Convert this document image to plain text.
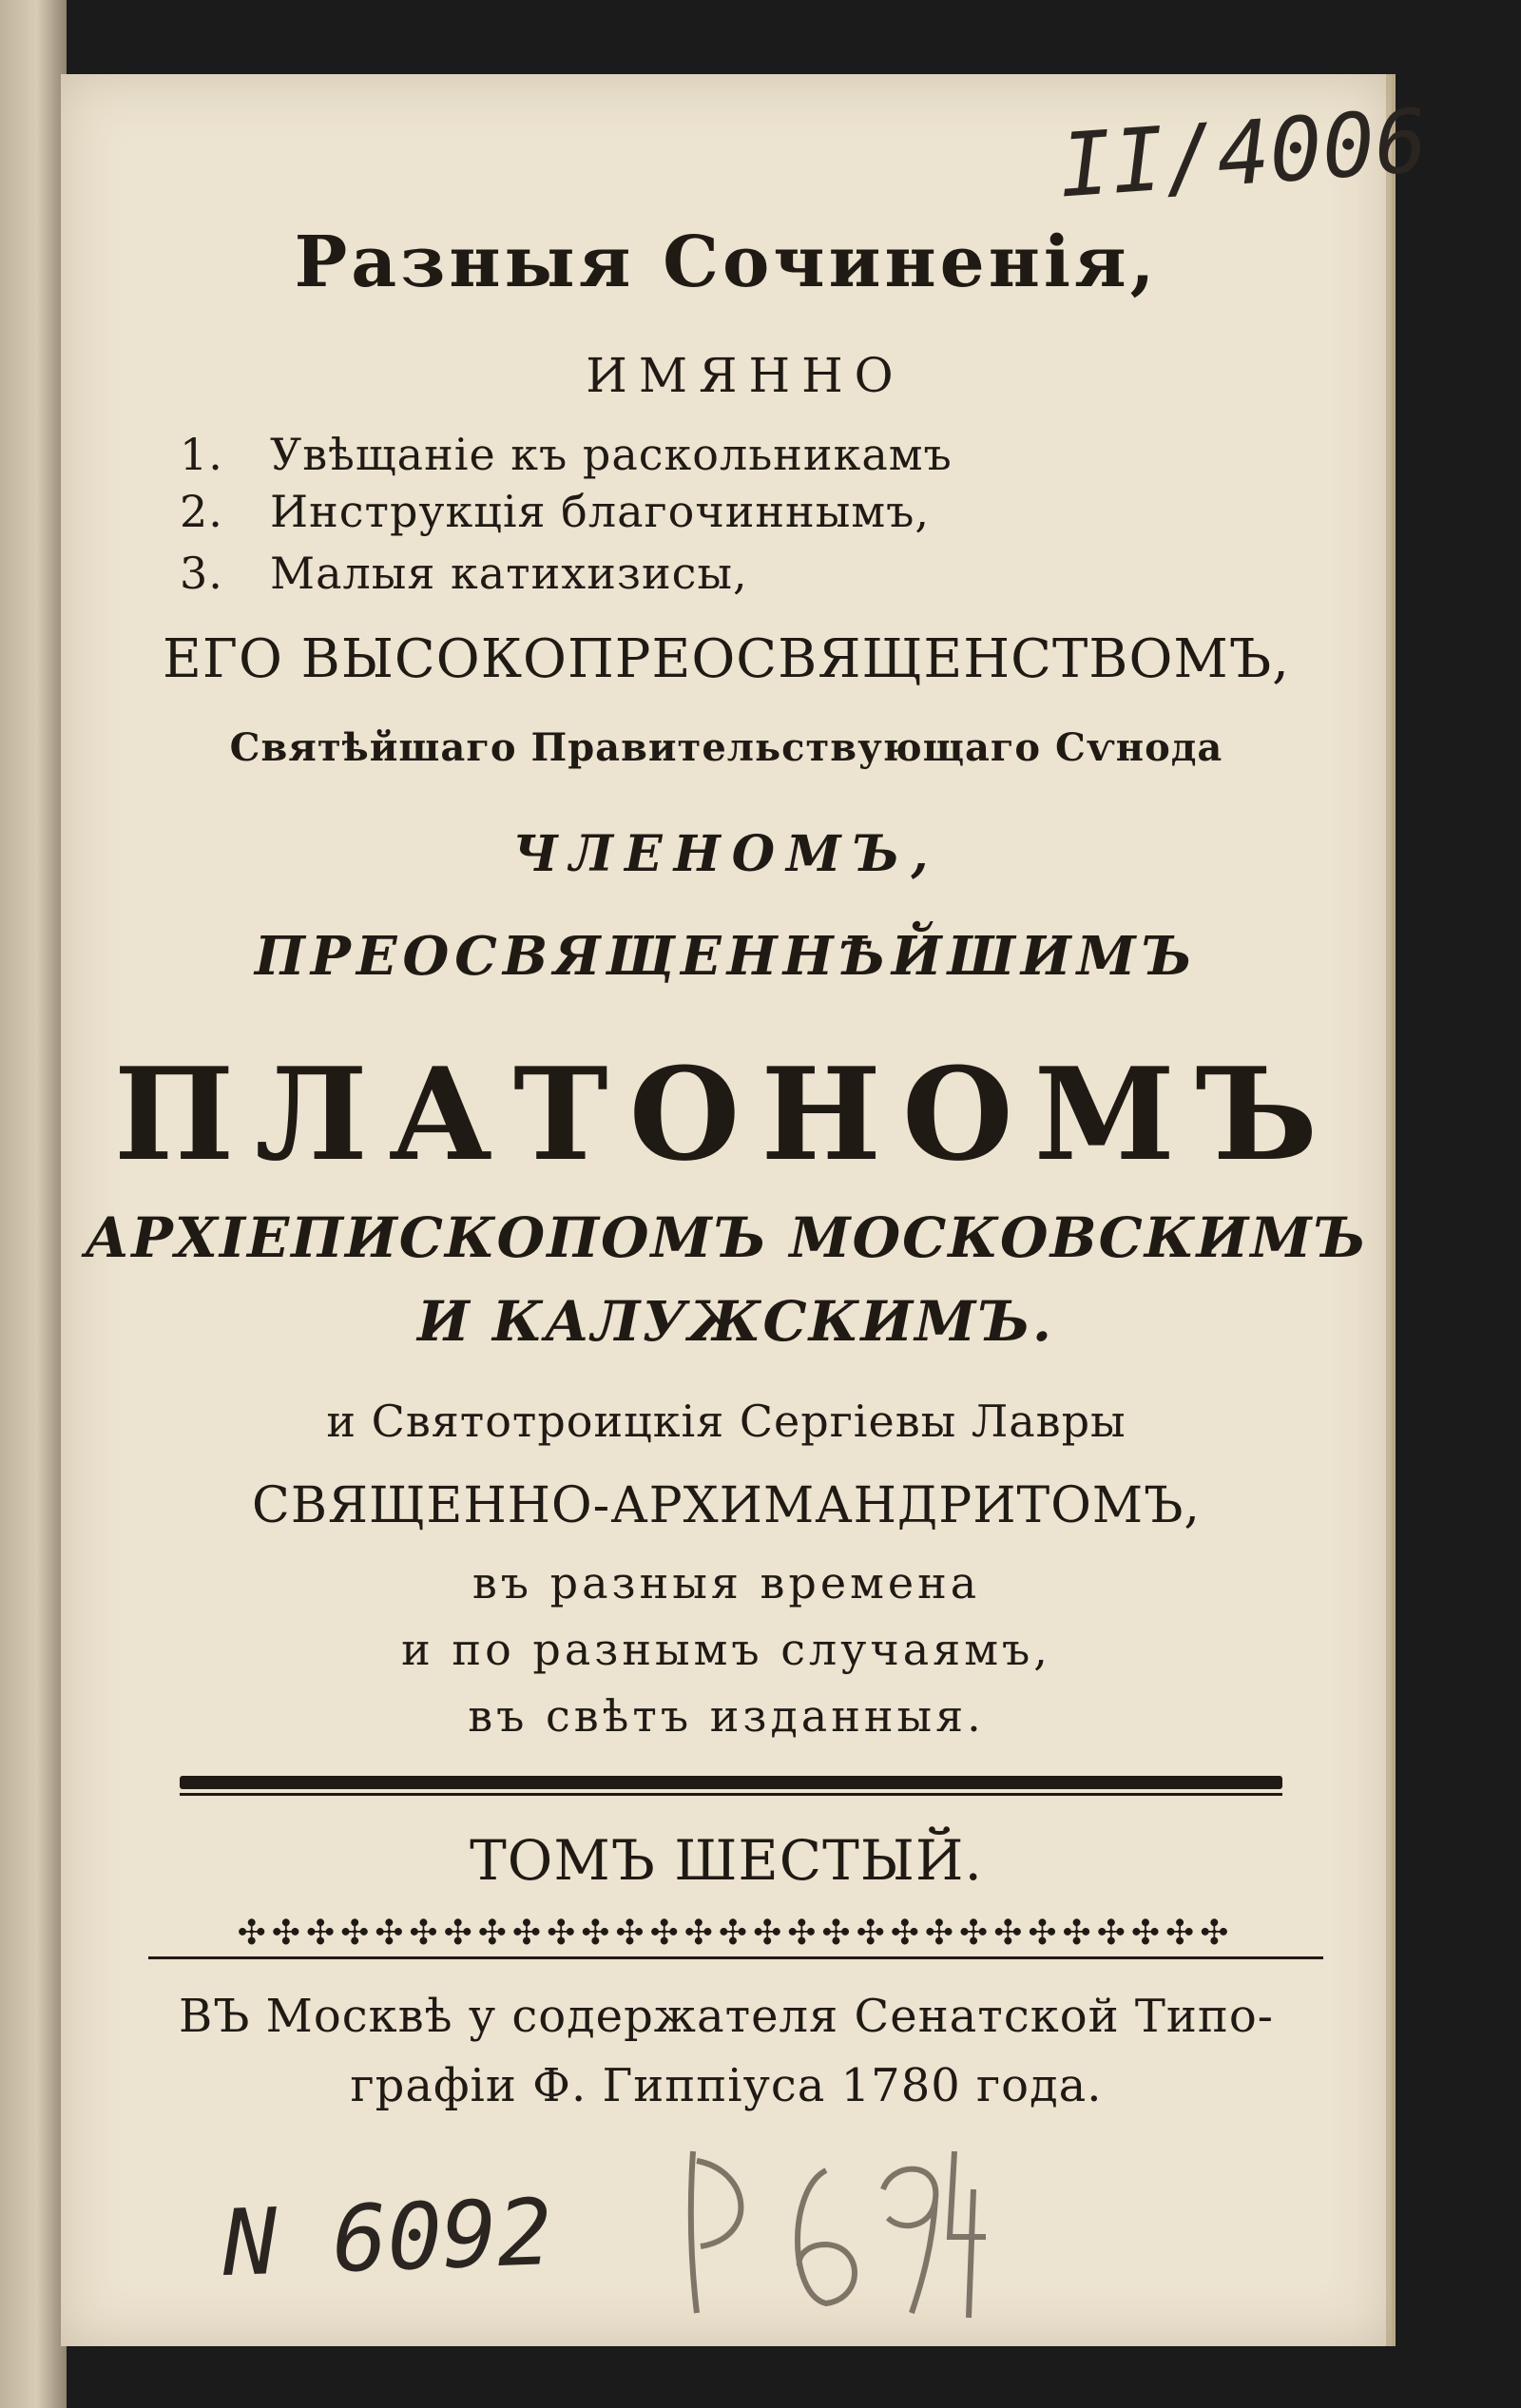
II/4006
Разныя Сочиненія,
ИМЯННО
1. Увѣщаніе къ раскольникамъ
2. Инструкція благочиннымъ,
3. Малыя катихизисы,
ЕГО ВЫСОКОПРЕОСВЯЩЕНСТВОМЪ,
Святѣйшаго Правительствующаго Сѵнода
ЧЛЕНОМЪ,
ПРЕОСВЯЩЕННѢЙШИМЪ
ПЛАТОНОМЪ
АРХІЕПИСКОПОМЪ МОСКОВСКИМЪ
И КАЛУЖСКИМЪ.
и Святотроицкія Сергіевы Лавры
СВЯЩЕННО-АРХИМАНДРИТОМЪ,
въ разныя времена
и по разнымъ случаямъ,
въ свѣтъ изданныя.
ТОМЪ ШЕСТЫЙ.
✣✣✣✣✣✣✣✣✣✣✣✣✣✣✣✣✣✣✣✣✣✣✣✣✣✣✣✣✣
ВЪ Москвѣ у содержателя Сенатской Типо-
графіи Ф. Гиппіуса 1780 года.
N 6092
